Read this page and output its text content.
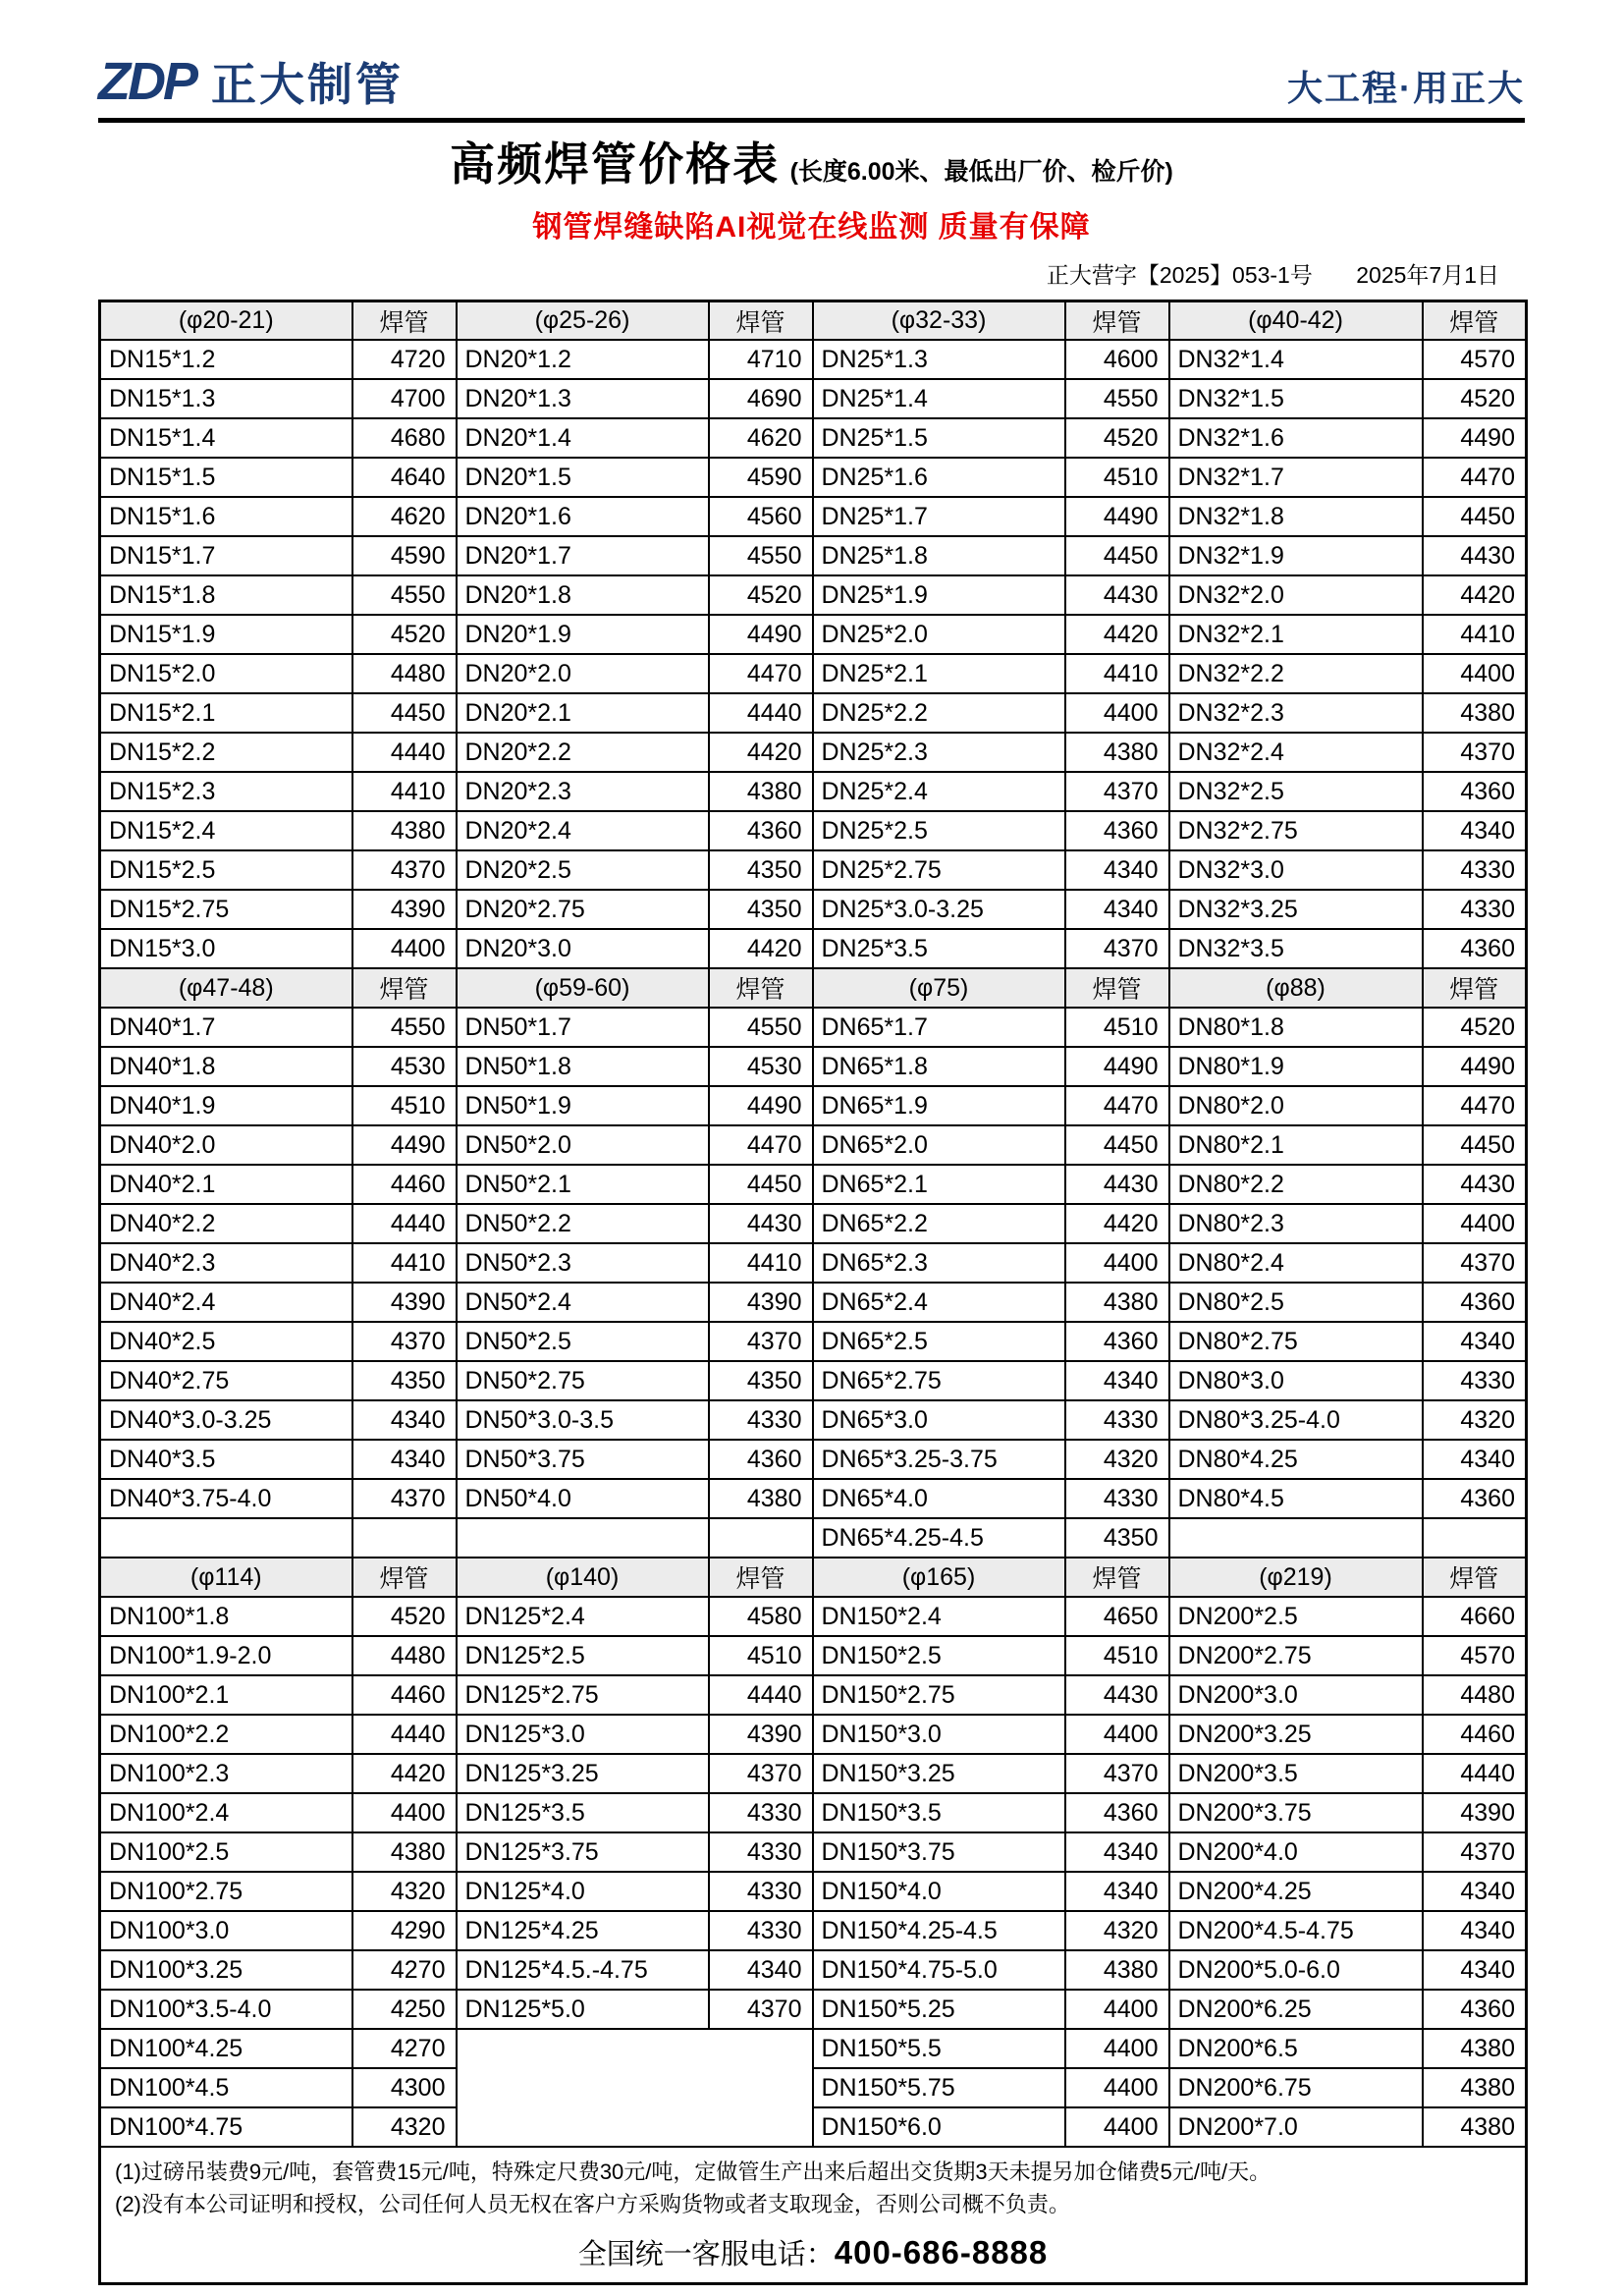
ZDP 正大制管	大工程·用正大
高频焊管价格表 (长度6.00米、最低出厂价、检斤价)
钢管焊缝缺陷AI视觉在线监测 质量有保障
正大营字【2025】053-1号 2025年7月1日
(φ20-21)	焊管	(φ25-26)	焊管	(φ32-33)	焊管	(φ40-42)	焊管
DN15*1.2	4720	DN20*1.2	4710	DN25*1.3	4600	DN32*1.4	4570
DN15*1.3	4700	DN20*1.3	4690	DN25*1.4	4550	DN32*1.5	4520
DN15*1.4	4680	DN20*1.4	4620	DN25*1.5	4520	DN32*1.6	4490
DN15*1.5	4640	DN20*1.5	4590	DN25*1.6	4510	DN32*1.7	4470
DN15*1.6	4620	DN20*1.6	4560	DN25*1.7	4490	DN32*1.8	4450
DN15*1.7	4590	DN20*1.7	4550	DN25*1.8	4450	DN32*1.9	4430
DN15*1.8	4550	DN20*1.8	4520	DN25*1.9	4430	DN32*2.0	4420
DN15*1.9	4520	DN20*1.9	4490	DN25*2.0	4420	DN32*2.1	4410
DN15*2.0	4480	DN20*2.0	4470	DN25*2.1	4410	DN32*2.2	4400
DN15*2.1	4450	DN20*2.1	4440	DN25*2.2	4400	DN32*2.3	4380
DN15*2.2	4440	DN20*2.2	4420	DN25*2.3	4380	DN32*2.4	4370
DN15*2.3	4410	DN20*2.3	4380	DN25*2.4	4370	DN32*2.5	4360
DN15*2.4	4380	DN20*2.4	4360	DN25*2.5	4360	DN32*2.75	4340
DN15*2.5	4370	DN20*2.5	4350	DN25*2.75	4340	DN32*3.0	4330
DN15*2.75	4390	DN20*2.75	4350	DN25*3.0-3.25	4340	DN32*3.25	4330
DN15*3.0	4400	DN20*3.0	4420	DN25*3.5	4370	DN32*3.5	4360
(φ47-48)	焊管	(φ59-60)	焊管	(φ75)	焊管	(φ88)	焊管
DN40*1.7	4550	DN50*1.7	4550	DN65*1.7	4510	DN80*1.8	4520
DN40*1.8	4530	DN50*1.8	4530	DN65*1.8	4490	DN80*1.9	4490
DN40*1.9	4510	DN50*1.9	4490	DN65*1.9	4470	DN80*2.0	4470
DN40*2.0	4490	DN50*2.0	4470	DN65*2.0	4450	DN80*2.1	4450
DN40*2.1	4460	DN50*2.1	4450	DN65*2.1	4430	DN80*2.2	4430
DN40*2.2	4440	DN50*2.2	4430	DN65*2.2	4420	DN80*2.3	4400
DN40*2.3	4410	DN50*2.3	4410	DN65*2.3	4400	DN80*2.4	4370
DN40*2.4	4390	DN50*2.4	4390	DN65*2.4	4380	DN80*2.5	4360
DN40*2.5	4370	DN50*2.5	4370	DN65*2.5	4360	DN80*2.75	4340
DN40*2.75	4350	DN50*2.75	4350	DN65*2.75	4340	DN80*3.0	4330
DN40*3.0-3.25	4340	DN50*3.0-3.5	4330	DN65*3.0	4330	DN80*3.25-4.0	4320
DN40*3.5	4340	DN50*3.75	4360	DN65*3.25-3.75	4320	DN80*4.25	4340
DN40*3.75-4.0	4370	DN50*4.0	4380	DN65*4.0	4330	DN80*4.5	4360
				DN65*4.25-4.5	4350		
(φ114)	焊管	(φ140)	焊管	(φ165)	焊管	(φ219)	焊管
DN100*1.8	4520	DN125*2.4	4580	DN150*2.4	4650	DN200*2.5	4660
DN100*1.9-2.0	4480	DN125*2.5	4510	DN150*2.5	4510	DN200*2.75	4570
DN100*2.1	4460	DN125*2.75	4440	DN150*2.75	4430	DN200*3.0	4480
DN100*2.2	4440	DN125*3.0	4390	DN150*3.0	4400	DN200*3.25	4460
DN100*2.3	4420	DN125*3.25	4370	DN150*3.25	4370	DN200*3.5	4440
DN100*2.4	4400	DN125*3.5	4330	DN150*3.5	4360	DN200*3.75	4390
DN100*2.5	4380	DN125*3.75	4330	DN150*3.75	4340	DN200*4.0	4370
DN100*2.75	4320	DN125*4.0	4330	DN150*4.0	4340	DN200*4.25	4340
DN100*3.0	4290	DN125*4.25	4330	DN150*4.25-4.5	4320	DN200*4.5-4.75	4340
DN100*3.25	4270	DN125*4.5.-4.75	4340	DN150*4.75-5.0	4380	DN200*5.0-6.0	4340
DN100*3.5-4.0	4250	DN125*5.0	4370	DN150*5.25	4400	DN200*6.25	4360
DN100*4.25	4270			DN150*5.5	4400	DN200*6.5	4380
DN100*4.5	4300			DN150*5.75	4400	DN200*6.75	4380
DN100*4.75	4320			DN150*6.0	4400	DN200*7.0	4380

(1)过磅吊装费9元/吨，套管费15元/吨，特殊定尺费30元/吨，定做管生产出来后超出交货期3天未提另加仓储费5元/吨/天。
(2)没有本公司证明和授权，公司任何人员无权在客户方采购货物或者支取现金，否则公司概不负责。
全国统一客服电话：400-686-8888							
